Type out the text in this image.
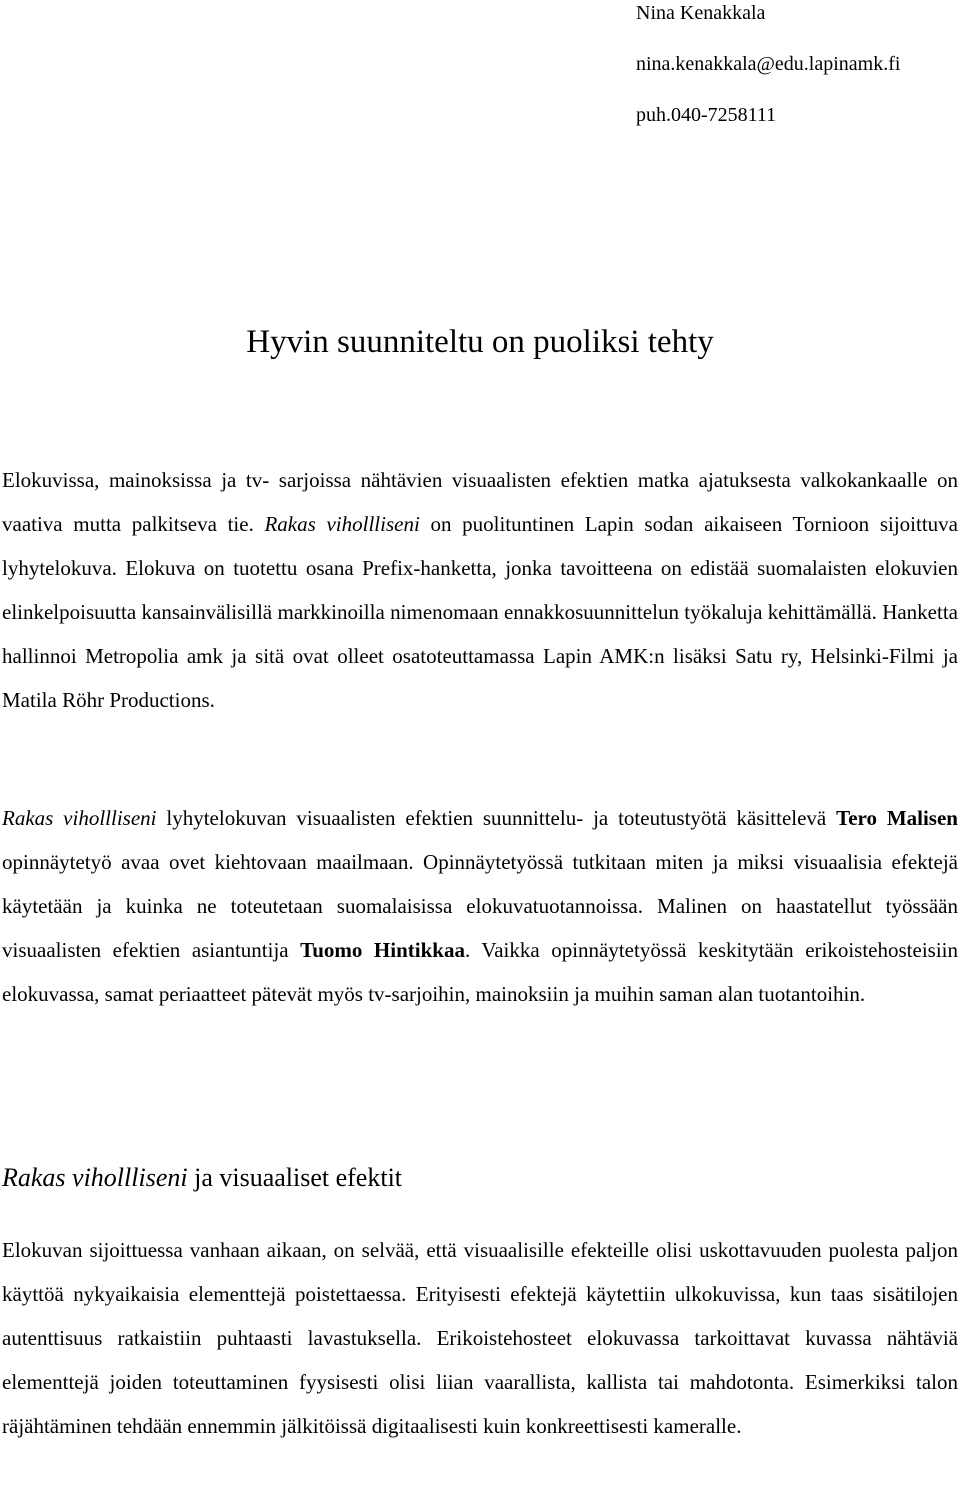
Nina Kenakkala

nina.kenakkala@edu.lapinamk.fi

puh.040-7258111

Hyvin suunniteltu on puoliksi tehty

Elokuvissa, mainoksissa ja tv- sarjoissa nähtävien visuaalisten efektien matka ajatuksesta valkokankaalle on vaativa mutta palkitseva tie. Rakas vihollliseni on puolituntinen Lapin sodan aikaiseen Tornioon sijoittuva lyhytelokuva. Elokuva on tuotettu osana Prefix-hanketta, jonka tavoitteena on edistää suomalaisten elokuvien elinkelpoisuutta kansainvälisillä markkinoilla nimenomaan ennakkosuunnittelun työkaluja kehittämällä. Hanketta hallinnoi Metropolia amk ja sitä ovat olleet osatoteuttamassa Lapin AMK:n lisäksi Satu ry, Helsinki-Filmi ja Matila Röhr Productions.

Rakas vihollliseni lyhytelokuvan visuaalisten efektien suunnittelu- ja toteutustyötä käsittelevä Tero Malisen opinnäytetyö avaa ovet kiehtovaan maailmaan. Opinnäytetyössä tutkitaan miten ja miksi visuaalisia efektejä käytetään ja kuinka ne toteutetaan suomalaisissa elokuvatuotannoissa. Malinen on haastatellut työssään visuaalisten efektien asiantuntija Tuomo Hintikkaa. Vaikka opinnäytetyössä keskitytään erikoistehosteisiin elokuvassa, samat periaatteet pätevät myös tv-sarjoihin, mainoksiin ja muihin saman alan tuotantoihin.

Rakas vihollliseni ja visuaaliset efektit

Elokuvan sijoittuessa vanhaan aikaan, on selvää, että visuaalisille efekteille olisi uskottavuuden puolesta paljon käyttöä nykyaikaisia elementtejä poistettaessa. Erityisesti efektejä käytettiin ulkokuvissa, kun taas sisätilojen autenttisuus ratkaistiin puhtaasti lavastuksella. Erikoistehosteet elokuvassa tarkoittavat kuvassa nähtäviä elementtejä joiden toteuttaminen fyysisesti olisi liian vaarallista, kallista tai mahdotonta. Esimerkiksi talon räjähtäminen tehdään ennemmin jälkitöissä digitaalisesti kuin konkreettisesti kameralle.
